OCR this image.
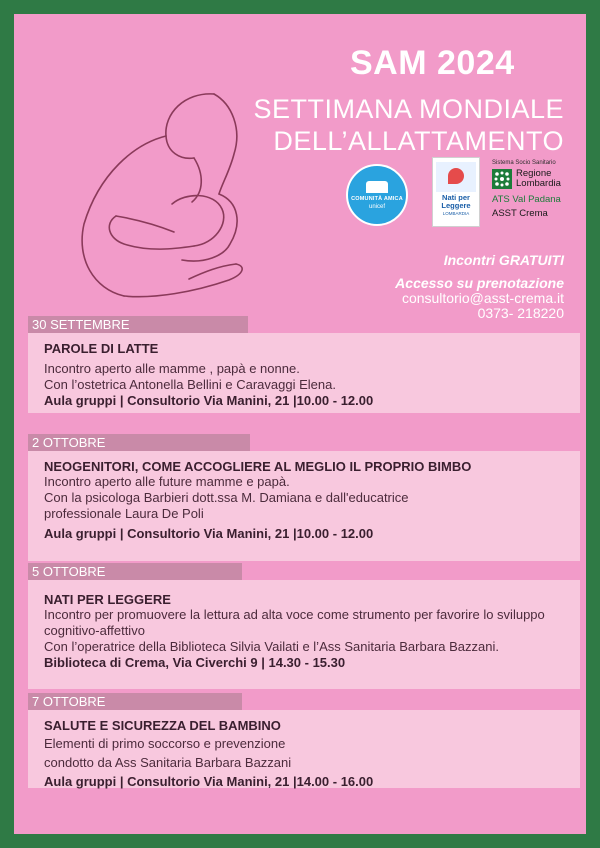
SAM 2024
SETTIMANA MONDIALE
DELL’ALLATTAMENTO
COMUNITÀ AMICA
unicef
Nati per Leggere
LOMBARDIA
Sistema Socio Sanitario
Regione Lombardia
ATS Val Padana
ASST Crema
Incontri GRATUITI
Accesso su prenotazione
consultorio@asst-crema.it
0373- 218220
30 SETTEMBRE
PAROLE DI LATTE
Incontro aperto alle mamme , papà e nonne.
Con l’ostetrica Antonella Bellini e Caravaggi Elena.
Aula gruppi | Consultorio Via Manini, 21 |10.00 - 12.00
2 OTTOBRE
NEOGENITORI, COME ACCOGLIERE AL MEGLIO IL PROPRIO BIMBO
Incontro aperto alle future mamme e papà.
Con la psicologa Barbieri dott.ssa M. Damiana e dall'educatrice professionale Laura De Poli
Aula gruppi | Consultorio Via Manini, 21 |10.00 - 12.00
5 OTTOBRE
NATI PER LEGGERE
Incontro per promuovere la lettura ad alta voce come strumento per favorire lo sviluppo cognitivo-affettivo
Con l’operatrice della Biblioteca Silvia Vailati e l’Ass Sanitaria Barbara Bazzani.
Biblioteca di Crema, Via Civerchi 9 | 14.30 - 15.30
7 OTTOBRE
SALUTE E SICUREZZA DEL BAMBINO
Elementi di primo soccorso e prevenzione
condotto da Ass Sanitaria Barbara Bazzani
Aula gruppi | Consultorio Via Manini, 21 |14.00 - 16.00
